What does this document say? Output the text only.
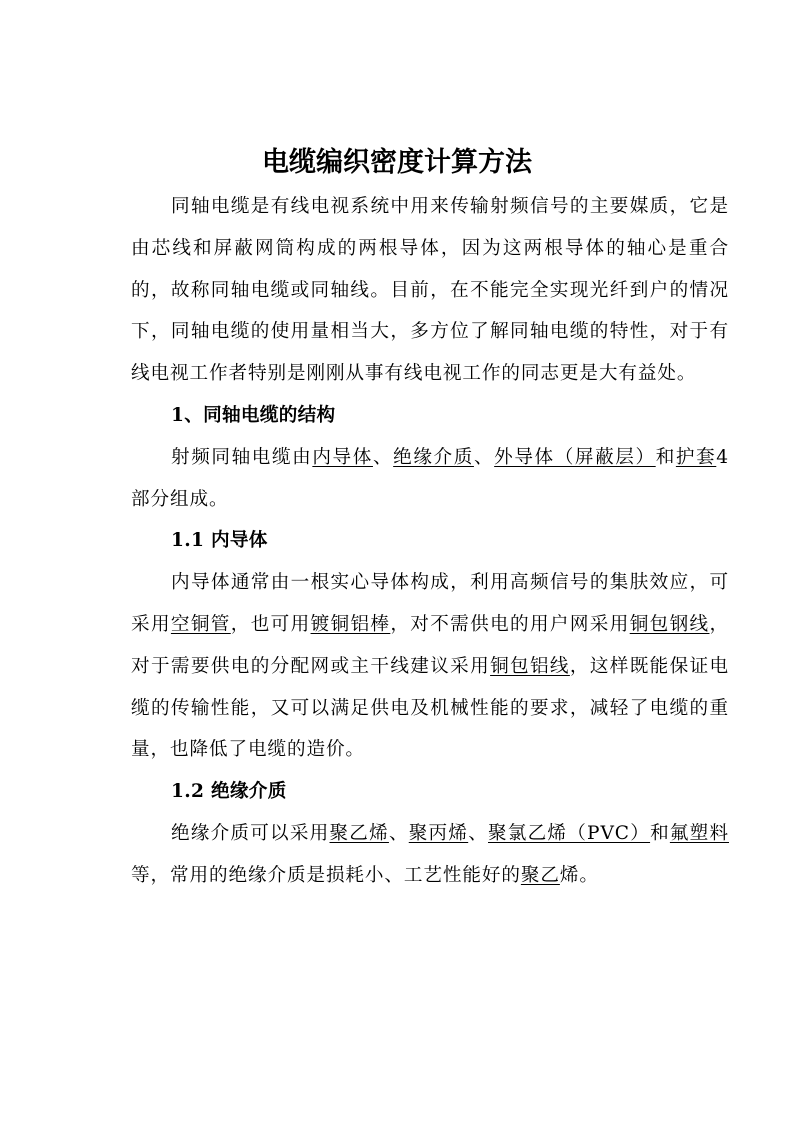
电缆编织密度计算方法

同轴电缆是有线电视系统中用来传输射频信号的主要媒质，它是由芯线和屏蔽网筒构成的两根导体，因为这两根导体的轴心是重合的，故称同轴电缆或同轴线。目前，在不能完全实现光纤到户的情况下，同轴电缆的使用量相当大，多方位了解同轴电缆的特性，对于有线电视工作者特别是刚刚从事有线电视工作的同志更是大有益处。

1、同轴电缆的结构

射频同轴电缆由内导体、绝缘介质、外导体（屏蔽层）和护套4 部分组成。

1.1 内导体

内导体通常由一根实心导体构成，利用高频信号的集肤效应，可采用空铜管，也可用镀铜铝棒，对不需供电的用户网采用铜包钢线，对于需要供电的分配网或主干线建议采用铜包铝线，这样既能保证电缆的传输性能，又可以满足供电及机械性能的要求，减轻了电缆的重量，也降低了电缆的造价。

1.2 绝缘介质

绝缘介质可以采用聚乙烯、聚丙烯、聚氯乙烯（PVC）和氟塑料等，常用的绝缘介质是损耗小、工艺性能好的聚乙烯。
